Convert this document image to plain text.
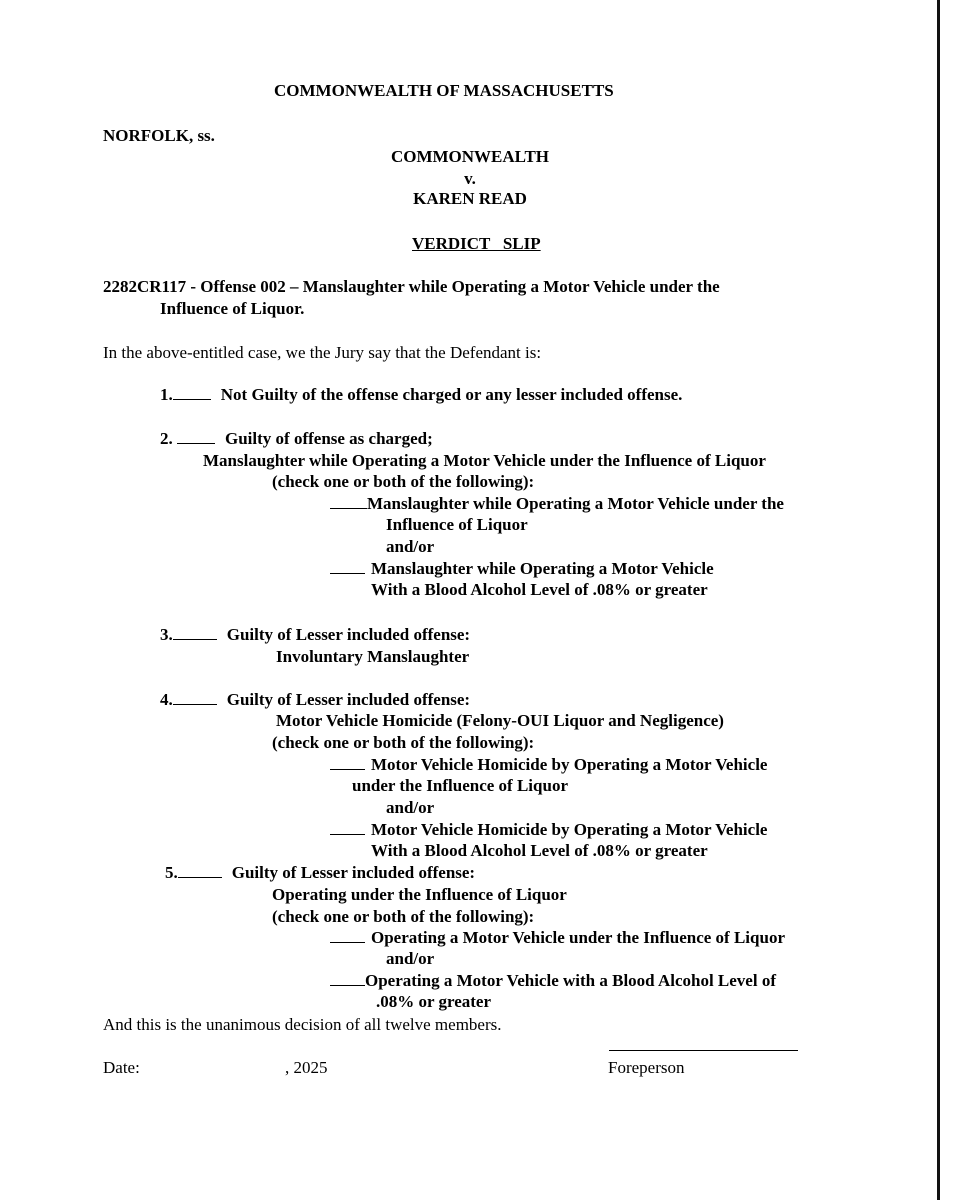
COMMONWEALTH OF MASSACHUSETTS
NORFOLK, ss.
COMMONWEALTH
v.
KAREN READ
VERDICT   SLIP
2282CR117 - Offense 002 – Manslaughter while Operating a Motor Vehicle under the
Influence of Liquor.
In the above-entitled case, we the Jury say that the Defendant is:
1.	Not Guilty of the offense charged or any lesser included offense.
2.	Guilty of offense as charged;
Manslaughter while Operating a Motor Vehicle under the Influence of Liquor
(check one or both of the following):
Manslaughter while Operating a Motor Vehicle under the
Influence of Liquor
and/or
Manslaughter while Operating a Motor Vehicle
With a Blood Alcohol Level of .08% or greater
3.	Guilty of Lesser included offense:
Involuntary Manslaughter
4.	Guilty of Lesser included offense:
Motor Vehicle Homicide (Felony-OUI Liquor and Negligence)
(check one or both of the following):
Motor Vehicle Homicide by Operating a Motor Vehicle
under the Influence of Liquor
and/or
Motor Vehicle Homicide by Operating a Motor Vehicle
With a Blood Alcohol Level of .08% or greater
5.	Guilty of Lesser included offense:
Operating under the Influence of Liquor
(check one or both of the following):
Operating a Motor Vehicle under the Influence of Liquor
and/or
Operating a Motor Vehicle with a Blood Alcohol Level of
.08% or greater
And this is the unanimous decision of all twelve members.
Date:	, 2025	Foreperson
